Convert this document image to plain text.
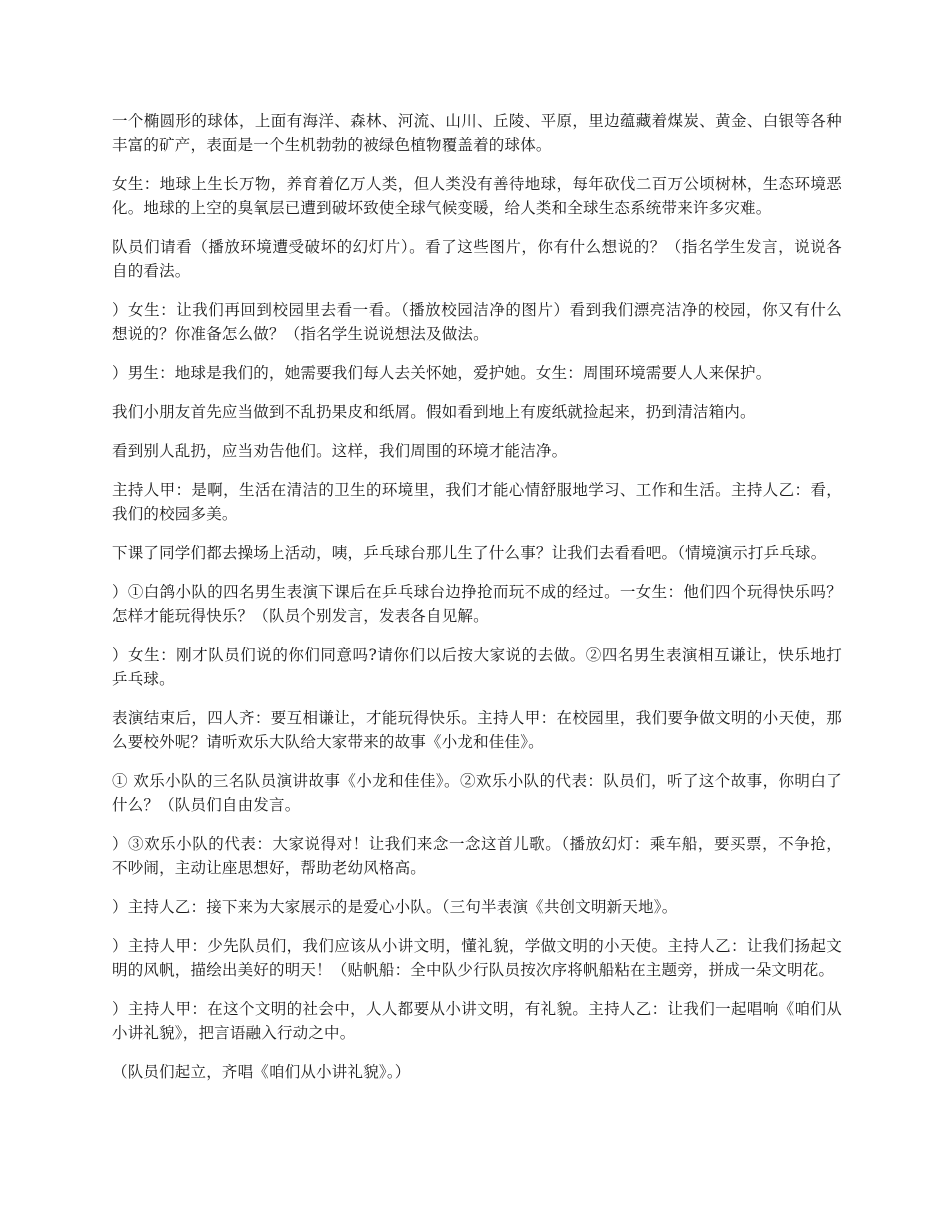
一个椭圆形的球体，上面有海洋、森林、河流、山川、丘陵、平原，里边蕴藏着煤炭、黄金、白银等各种丰富的矿产，表面是一个生机勃勃的被绿色植物覆盖着的球体。

女生：地球上生长万物，养育着亿万人类，但人类没有善待地球，每年砍伐二百万公顷树林，生态环境恶化。地球的上空的臭氧层已遭到破坏致使全球气候变暖，给人类和全球生态系统带来许多灾难。

队员们请看（播放环境遭受破坏的幻灯片）。看了这些图片，你有什么想说的？（指名学生发言，说说各自的看法。

）女生：让我们再回到校园里去看一看。（播放校园洁净的图片）看到我们漂亮洁净的校园，你又有什么想说的？你准备怎么做？（指名学生说说想法及做法。

）男生：地球是我们的，她需要我们每人去关怀她，爱护她。女生：周围环境需要人人来保护。

我们小朋友首先应当做到不乱扔果皮和纸屑。假如看到地上有废纸就捡起来，扔到清洁箱内。

看到别人乱扔，应当劝告他们。这样，我们周围的环境才能洁净。

主持人甲：是啊，生活在清洁的卫生的环境里，我们才能心情舒服地学习、工作和生活。主持人乙：看，我们的校园多美。

下课了同学们都去操场上活动，咦，乒乓球台那儿生了什么事？让我们去看看吧。（情境演示打乒乓球。

）①白鸽小队的四名男生表演下课后在乒乓球台边挣抢而玩不成的经过。一女生：他们四个玩得快乐吗？怎样才能玩得快乐？（队员个别发言，发表各自见解。

）女生：刚才队员们说的你们同意吗?请你们以后按大家说的去做。②四名男生表演相互谦让，快乐地打乒乓球。

表演结束后，四人齐：要互相谦让，才能玩得快乐。主持人甲：在校园里，我们要争做文明的小天使，那么要校外呢？请听欢乐大队给大家带来的故事《小龙和佳佳》。

① 欢乐小队的三名队员演讲故事《小龙和佳佳》。②欢乐小队的代表：队员们，听了这个故事，你明白了什么？（队员们自由发言。

）③欢乐小队的代表：大家说得对！让我们来念一念这首儿歌。（播放幻灯：乘车船，要买票，不争抢，不吵闹，主动让座思想好，帮助老幼风格高。

）主持人乙：接下来为大家展示的是爱心小队。（三句半表演《共创文明新天地》。

）主持人甲：少先队员们，我们应该从小讲文明，懂礼貌，学做文明的小天使。主持人乙：让我们扬起文明的风帆，描绘出美好的明天！（贴帆船：全中队少行队员按次序将帆船粘在主题旁，拼成一朵文明花。

）主持人甲：在这个文明的社会中，人人都要从小讲文明，有礼貌。主持人乙：让我们一起唱响《咱们从小讲礼貌》，把言语融入行动之中。

（队员们起立，齐唱《咱们从小讲礼貌》。）
